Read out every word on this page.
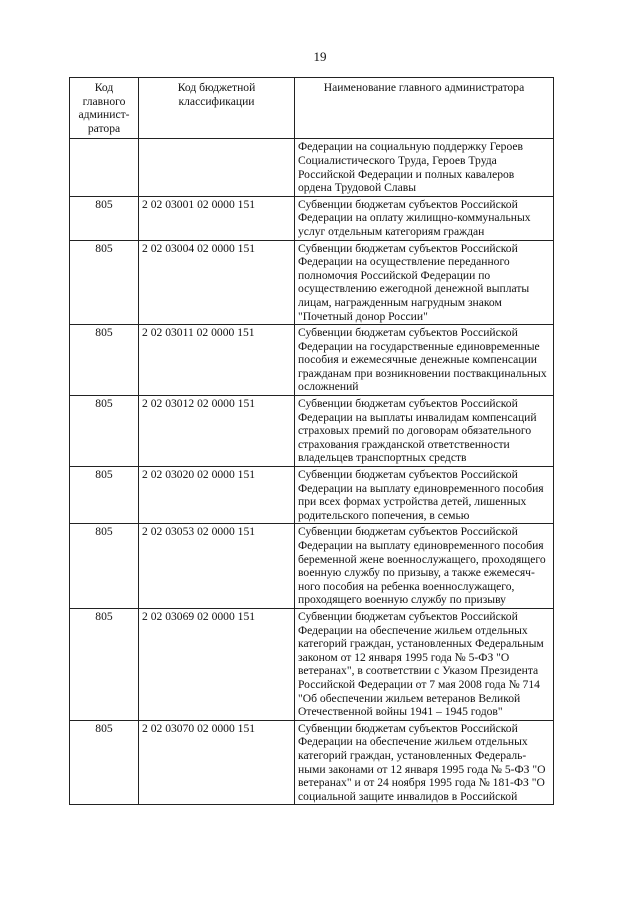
19
Код главного админист-ратора	Код бюджетной классификации	Наименование главного администратора
		Федерации на социальную поддержку Героев Социалистического Труда, Героев Труда Российской Федерации и полных кавалеров ордена Трудовой Славы
805	2 02 03001 02 0000 151	Субвенции бюджетам субъектов Российской Федерации на оплату жилищно-коммунальных услуг отдельным категориям граждан
805	2 02 03004 02 0000 151	Субвенции бюджетам субъектов Российской Федерации на осуществление переданного полномочия Российской Федерации по осуществлению ежегодной денежной выплаты лицам, награжденным нагрудным знаком "Почетный донор России"
805	2 02 03011 02 0000 151	Субвенции бюджетам субъектов Российской Федерации на государственные единовременные пособия и ежемесячные денежные компенсации гражданам при возникновении поствакцинальных осложнений
805	2 02 03012 02 0000 151	Субвенции бюджетам субъектов Российской Федерации на выплаты инвалидам компенсаций страховых премий по договорам обязательного страхования гражданской ответственности владельцев транспортных средств
805	2 02 03020 02 0000 151	Субвенции бюджетам субъектов Российской Федерации на выплату единовременного пособия при всех формах устройства детей, лишенных родительского попечения, в семью
805	2 02 03053 02 0000 151	Субвенции бюджетам субъектов Российской Федерации на выплату единовременного пособия беременной жене военнослужащего, проходящего военную службу по призыву, а также ежемесяч-ного пособия на ребенка военнослужащего, проходящего военную службу по призыву
805	2 02 03069 02 0000 151	Субвенции бюджетам субъектов Российской Федерации на обеспечение жильем отдельных категорий граждан, установленных Федеральным законом от 12 января 1995 года № 5-ФЗ "О ветеранах", в соответствии с Указом Президента Российской Федерации от 7 мая 2008 года № 714 "Об обеспечении жильем ветеранов Великой Отечественной войны 1941 – 1945 годов"
805	2 02 03070 02 0000 151	Субвенции бюджетам субъектов Российской Федерации на обеспечение жильем отдельных категорий граждан, установленных Федераль-ными законами от 12 января 1995 года № 5-ФЗ "О ветеранах" и от 24 ноября 1995 года № 181-ФЗ "О социальной защите инвалидов в Российской
